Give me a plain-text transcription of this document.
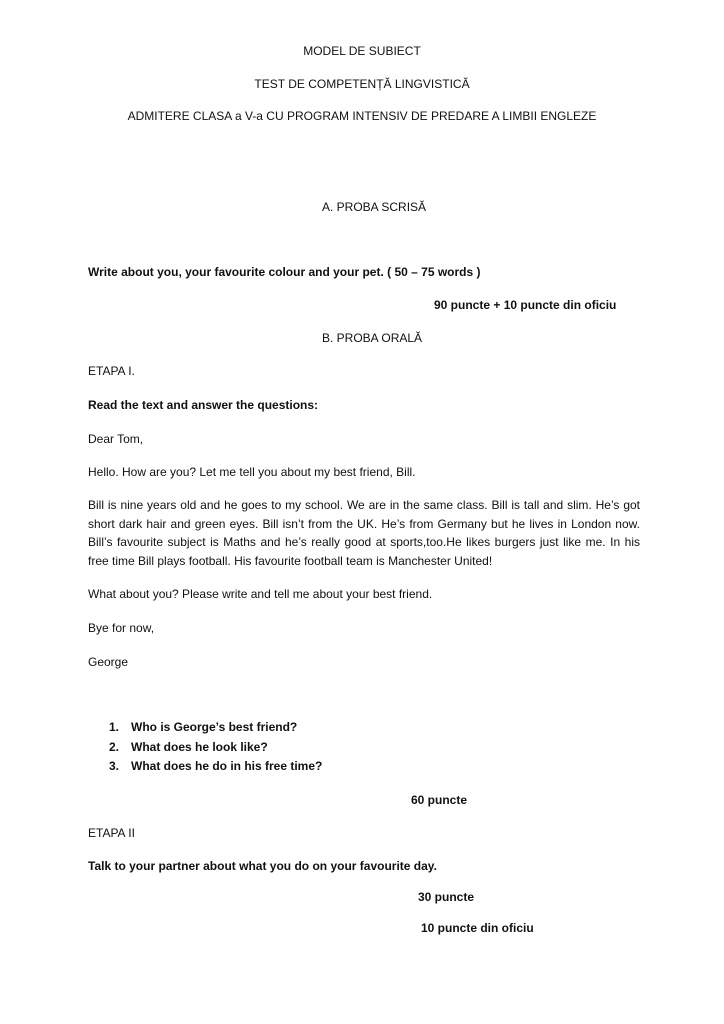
MODEL DE SUBIECT
TEST DE COMPETENȚĂ LINGVISTICĂ
ADMITERE CLASA a V-a CU PROGRAM INTENSIV DE PREDARE A LIMBII ENGLEZE
A. PROBA SCRISĂ
Write about you, your favourite colour and your pet. ( 50 – 75 words )
90 puncte + 10 puncte din oficiu
B. PROBA ORALĂ
ETAPA I.
Read the text and answer the questions:
Dear Tom,
Hello. How are you? Let me tell you about my best friend, Bill.
Bill is nine years old and he goes to my school. We are in the same class. Bill is tall and slim. He’s got short dark hair and green eyes. Bill isn’t from the UK. He’s from Germany but he lives in London now. Bill’s favourite subject is Maths and he’s really good at sports,too.He likes burgers just like me. In his free time Bill plays football. His favourite football team is Manchester United!
What about you? Please write and tell me about your best friend.
Bye for now,
George
1. Who is George’s best friend?
2. What does he look like?
3. What does he do in his free time?
60 puncte
ETAPA II
Talk to your partner about what you do on your favourite day.
30 puncte
10 puncte din oficiu
